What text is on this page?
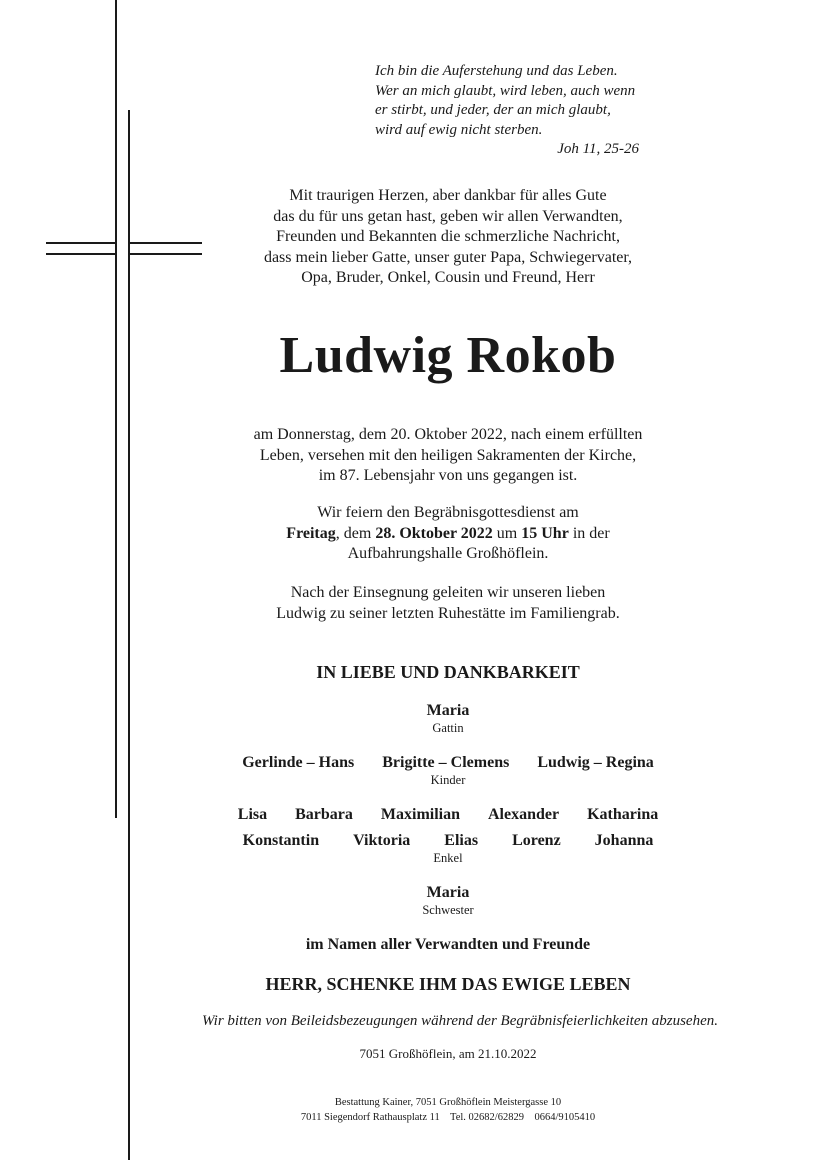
Ich bin die Auferstehung und das Leben.
Wer an mich glaubt, wird leben, auch wenn
er stirbt, und jeder, der an mich glaubt,
wird auf ewig nicht sterben.
Joh 11, 25-26
Mit traurigen Herzen, aber dankbar für alles Gute
das du für uns getan hast, geben wir allen Verwandten,
Freunden und Bekannten die schmerzliche Nachricht,
dass mein lieber Gatte, unser guter Papa, Schwiegervater,
Opa, Bruder, Onkel, Cousin und Freund, Herr
Ludwig Rokob
am Donnerstag, dem 20. Oktober 2022, nach einem erfüllten
Leben, versehen mit den heiligen Sakramenten der Kirche,
im 87. Lebensjahr von uns gegangen ist.
Wir feiern den Begräbnisgottesdienst am
Freitag, dem 28. Oktober 2022 um 15 Uhr in der
Aufbahrungshalle Großhöflein.
Nach der Einsegnung geleiten wir unseren lieben
Ludwig zu seiner letzten Ruhestätte im Familiengrab.
IN LIEBE UND DANKBARKEIT
Maria
Gattin
Gerlinde – Hans Brigitte – Clemens Ludwig – Regina
Kinder
Lisa Barbara Maximilian Alexander Katharina
Konstantin Viktoria Elias Lorenz Johanna
Enkel
Maria
Schwester
im Namen aller Verwandten und Freunde
HERR, SCHENKE IHM DAS EWIGE LEBEN
Wir bitten von Beileidsbezeugungen während der Begräbnisfeierlichkeiten abzusehen.
7051 Großhöflein, am 21.10.2022
Bestattung Kainer, 7051 Großhöflein Meistergasse 10
7011 Siegendorf Rathausplatz 11    Tel. 02682/62829    0664/9105410
